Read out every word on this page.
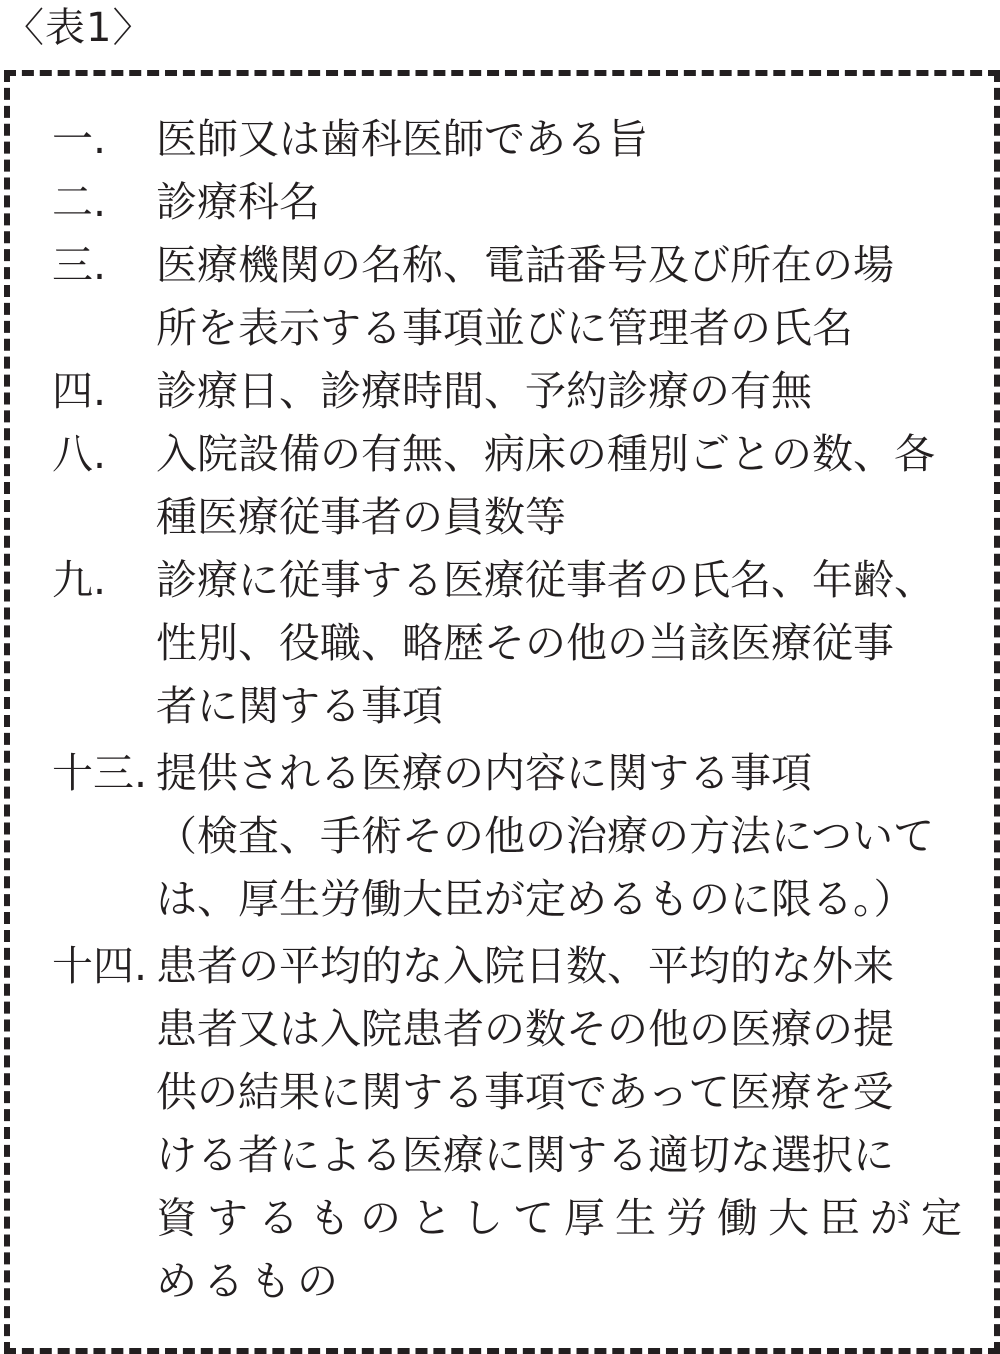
〈表1〉
一. 医師又は歯科医師である旨
二. 診療科名
三. 医療機関の名称、電話番号及び所在の場
所を表示する事項並びに管理者の氏名
四. 診療日、診療時間、予約診療の有無
八. 入院設備の有無、病床の種別ごとの数、各
種医療従事者の員数等
九. 診療に従事する医療従事者の氏名、年齢、
性別、役職、略歴その他の当該医療従事
者に関する事項
十三. 提供される医療の内容に関する事項
（検査、手術その他の治療の方法について
は、厚生労働大臣が定めるものに限る。）
十四. 患者の平均的な入院日数、平均的な外来
患者又は入院患者の数その他の医療の提
供の結果に関する事項であって医療を受
ける者による医療に関する適切な選択に
資するものとして厚生労働大臣が定
めるもの
